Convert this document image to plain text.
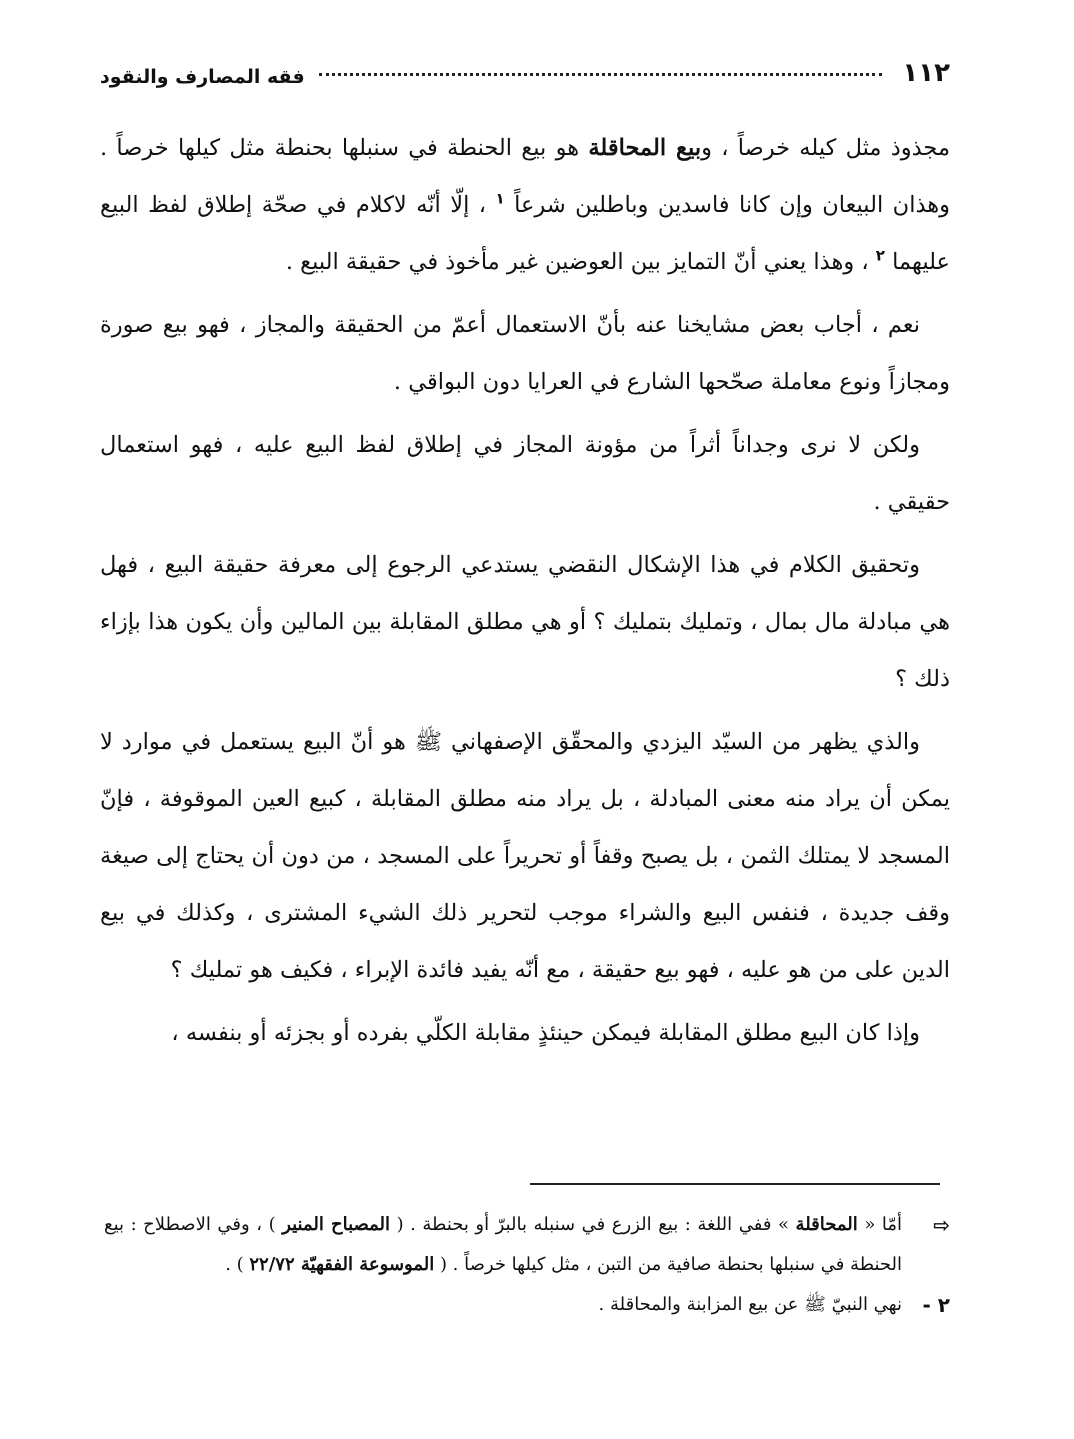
١١٢
فقه المصارف والنقود

مجذوذ مثل كيله خرصاً ، وبيع المحاقلة هو بيع الحنطة في سنبلها بحنطة مثل كيلها خرصاً . وهذان البيعان وإن كانا فاسدين وباطلين شرعاً $^١$ ، إلّا أنّه لاكلام في صحّة إطلاق لفظ البيع عليهما $^٢$ ، وهذا يعني أنّ التمايز بين العوضين غير مأخوذ في حقيقة البيع .

نعم ، أجاب بعض مشايخنا عنه بأنّ الاستعمال أعمّ من الحقيقة والمجاز ، فهو بيع صورة ومجازاً ونوع معاملة صحّحها الشارع في العرايا دون البواقي .

ولكن لا نرى وجداناً أثراً من مؤونة المجاز في إطلاق لفظ البيع عليه ، فهو استعمال حقيقي .

وتحقيق الكلام في هذا الإشكال النقضي يستدعي الرجوع إلى معرفة حقيقة البيع ، فهل هي مبادلة مال بمال ، وتمليك بتمليك ؟ أو هي مطلق المقابلة بين المالين وأن يكون هذا بإزاء ذلك ؟

والذي يظهر من السيّد اليزدي والمحقّق الإصفهاني ﷺ هو أنّ البيع يستعمل في موارد لا يمكن أن يراد منه معنى المبادلة ، بل يراد منه مطلق المقابلة ، كبيع العين الموقوفة ، فإنّ المسجد لا يمتلك الثمن ، بل يصبح وقفاً أو تحريراً على المسجد ، من دون أن يحتاج إلى صيغة وقف جديدة ، فنفس البيع والشراء موجب لتحرير ذلك الشيء المشترى ، وكذلك في بيع الدين على من هو عليه ، فهو بيع حقيقة ، مع أنّه يفيد فائدة الإبراء ، فكيف هو تمليك ؟

وإذا كان البيع مطلق المقابلة فيمكن حينئذٍ مقابلة الكلّي بفرده أو بجزئه أو بنفسه ،

⇨
أمّا « المحاقلة » ففي اللغة : بيع الزرع في سنبله بالبرّ أو بحنطة . ( المصباح المنير ) ، وفي الاصطلاح : بيع الحنطة في سنبلها بحنطة صافية من التبن ، مثل كيلها خرصاً . ( الموسوعة الفقهيّة ٢٢/٧٢ ) .
٢ -
نهي النبيّ ﷺ عن بيع المزابنة والمحاقلة .
